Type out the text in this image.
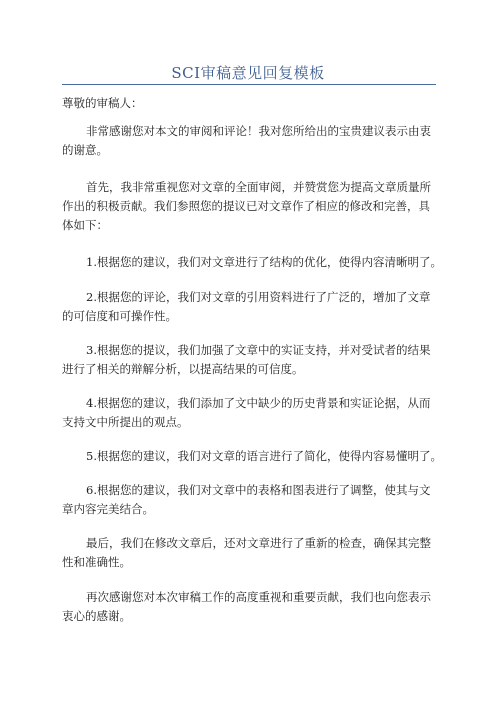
SCI审稿意见回复模板
尊敬的审稿人：
非常感谢您对本文的审阅和评论！我对您所给出的宝贵建议表示由衷
的谢意。
首先，我非常重视您对文章的全面审阅，并赞赏您为提高文章质量所
作出的积极贡献。我们参照您的提议已对文章作了相应的修改和完善，具
体如下：
1.根据您的建议，我们对文章进行了结构的优化，使得内容清晰明了。
2.根据您的评论，我们对文章的引用资料进行了广泛的，增加了文章
的可信度和可操作性。
3.根据您的提议，我们加强了文章中的实证支持，并对受试者的结果
进行了相关的辩解分析，以提高结果的可信度。
4.根据您的建议，我们添加了文中缺少的历史背景和实证论据，从而
支持文中所提出的观点。
5.根据您的建议，我们对文章的语言进行了简化，使得内容易懂明了。
6.根据您的建议，我们对文章中的表格和图表进行了调整，使其与文
章内容完美结合。
最后，我们在修改文章后，还对文章进行了重新的检查，确保其完整
性和准确性。
再次感谢您对本次审稿工作的高度重视和重要贡献，我们也向您表示
衷心的感谢。
